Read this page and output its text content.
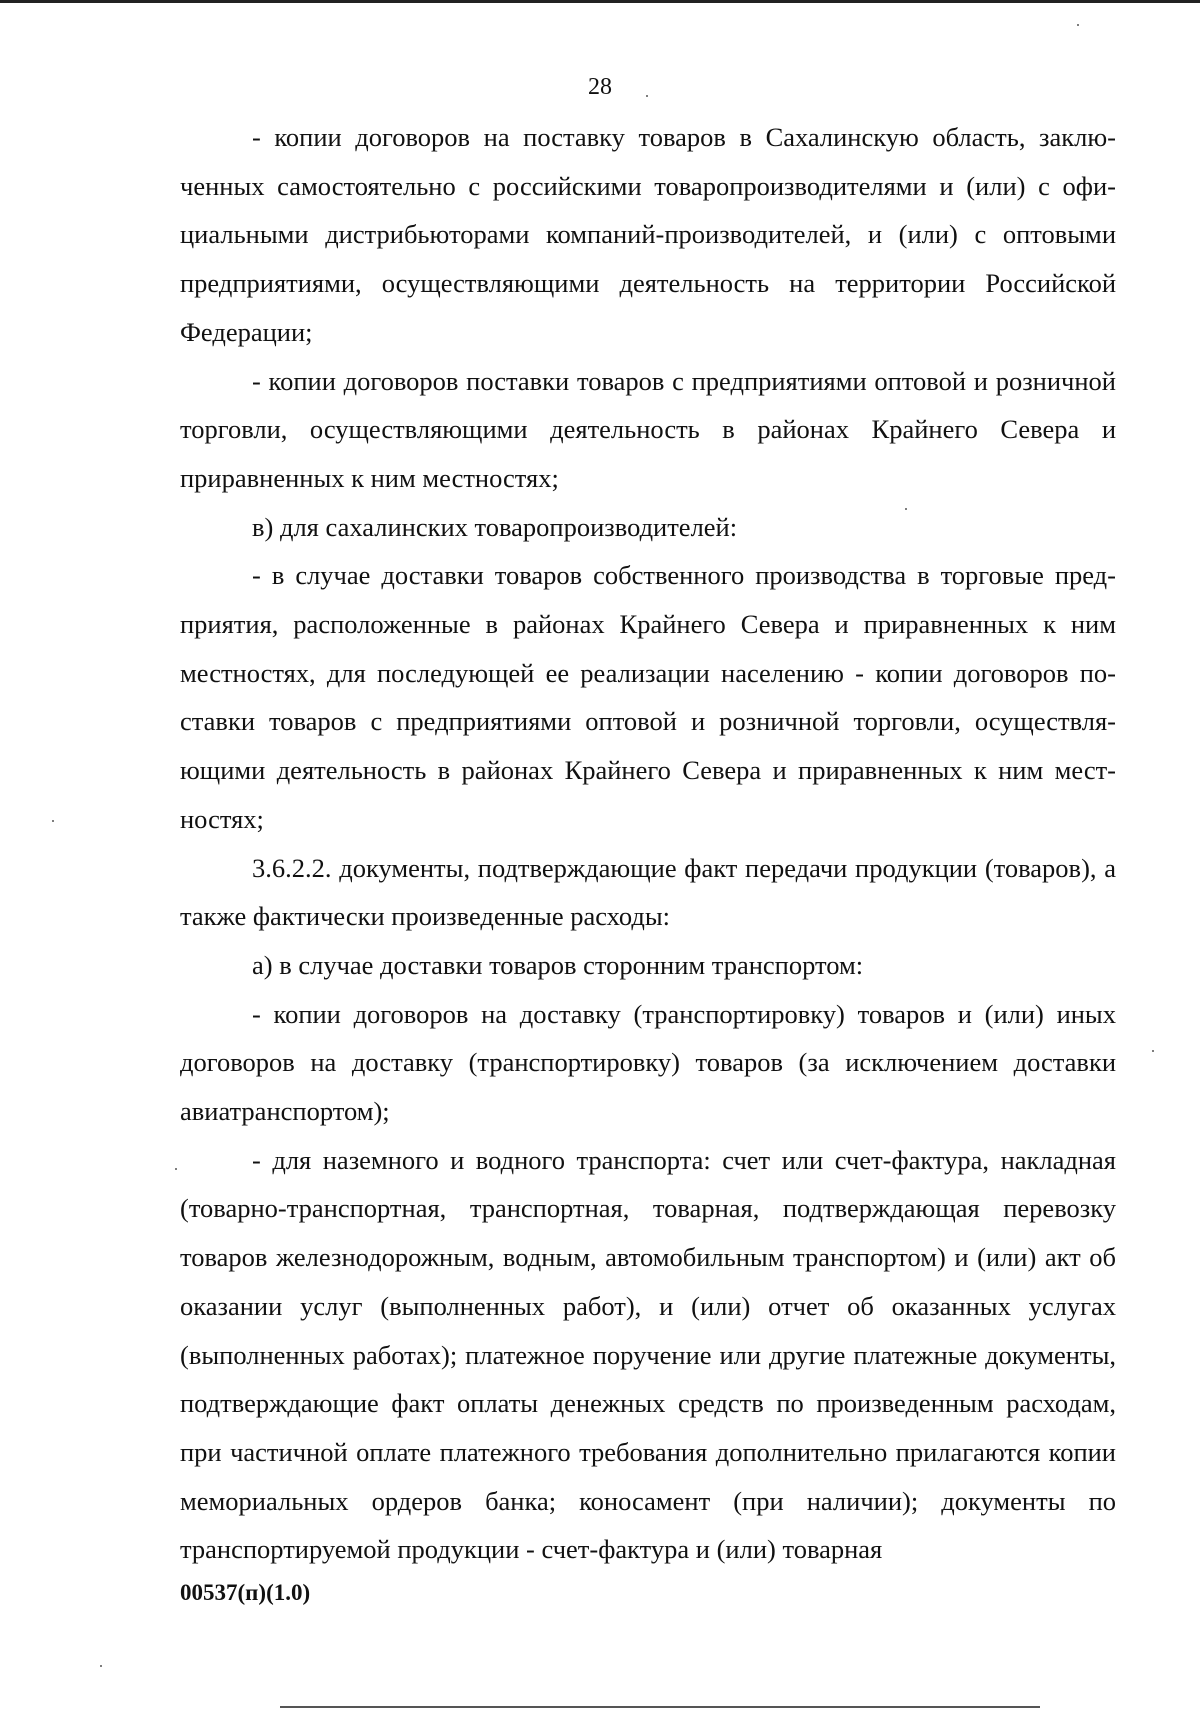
28

- копии договоров на поставку товаров в Сахалинскую область, заключенных самостоятельно с российскими товаропроизводителями и (или) с официальными дистрибьюторами компаний-производителей, и (или) с оптовыми предприятиями, осуществляющими деятельность на территории Российской Федерации;

- копии договоров поставки товаров с предприятиями оптовой и розничной торговли, осуществляющими деятельность в районах Крайнего Севера и приравненных к ним местностях;

в) для сахалинских товаропроизводителей:

- в случае доставки товаров собственного производства в торговые предприятия, расположенные в районах Крайнего Севера и приравненных к ним местностях, для последующей ее реализации населению - копии договоров поставки товаров с предприятиями оптовой и розничной торговли, осуществляющими деятельность в районах Крайнего Севера и приравненных к ним местностях;

3.6.2.2. документы, подтверждающие факт передачи продукции (товаров), а также фактически произведенные расходы:

а) в случае доставки товаров сторонним транспортом:

- копии договоров на доставку (транспортировку) товаров и (или) иных договоров на доставку (транспортировку) товаров (за исключением доставки авиатранспортом);

- для наземного и водного транспорта: счет или счет-фактура, накладная (товарно-транспортная, транспортная, товарная, подтверждающая перевозку товаров железнодорожным, водным, автомобильным транспортом) и (или) акт об оказании услуг (выполненных работ), и (или) отчет об оказанных услугах (выполненных работах); платежное поручение или другие платежные документы, подтверждающие факт оплаты денежных средств по произведенным расходам, при частичной оплате платежного требования дополнительно прилагаются копии мемориальных ордеров банка; коносамент (при наличии); документы по транспортируемой продукции - счет-фактура и (или) товарная

00537(п)(1.0)
